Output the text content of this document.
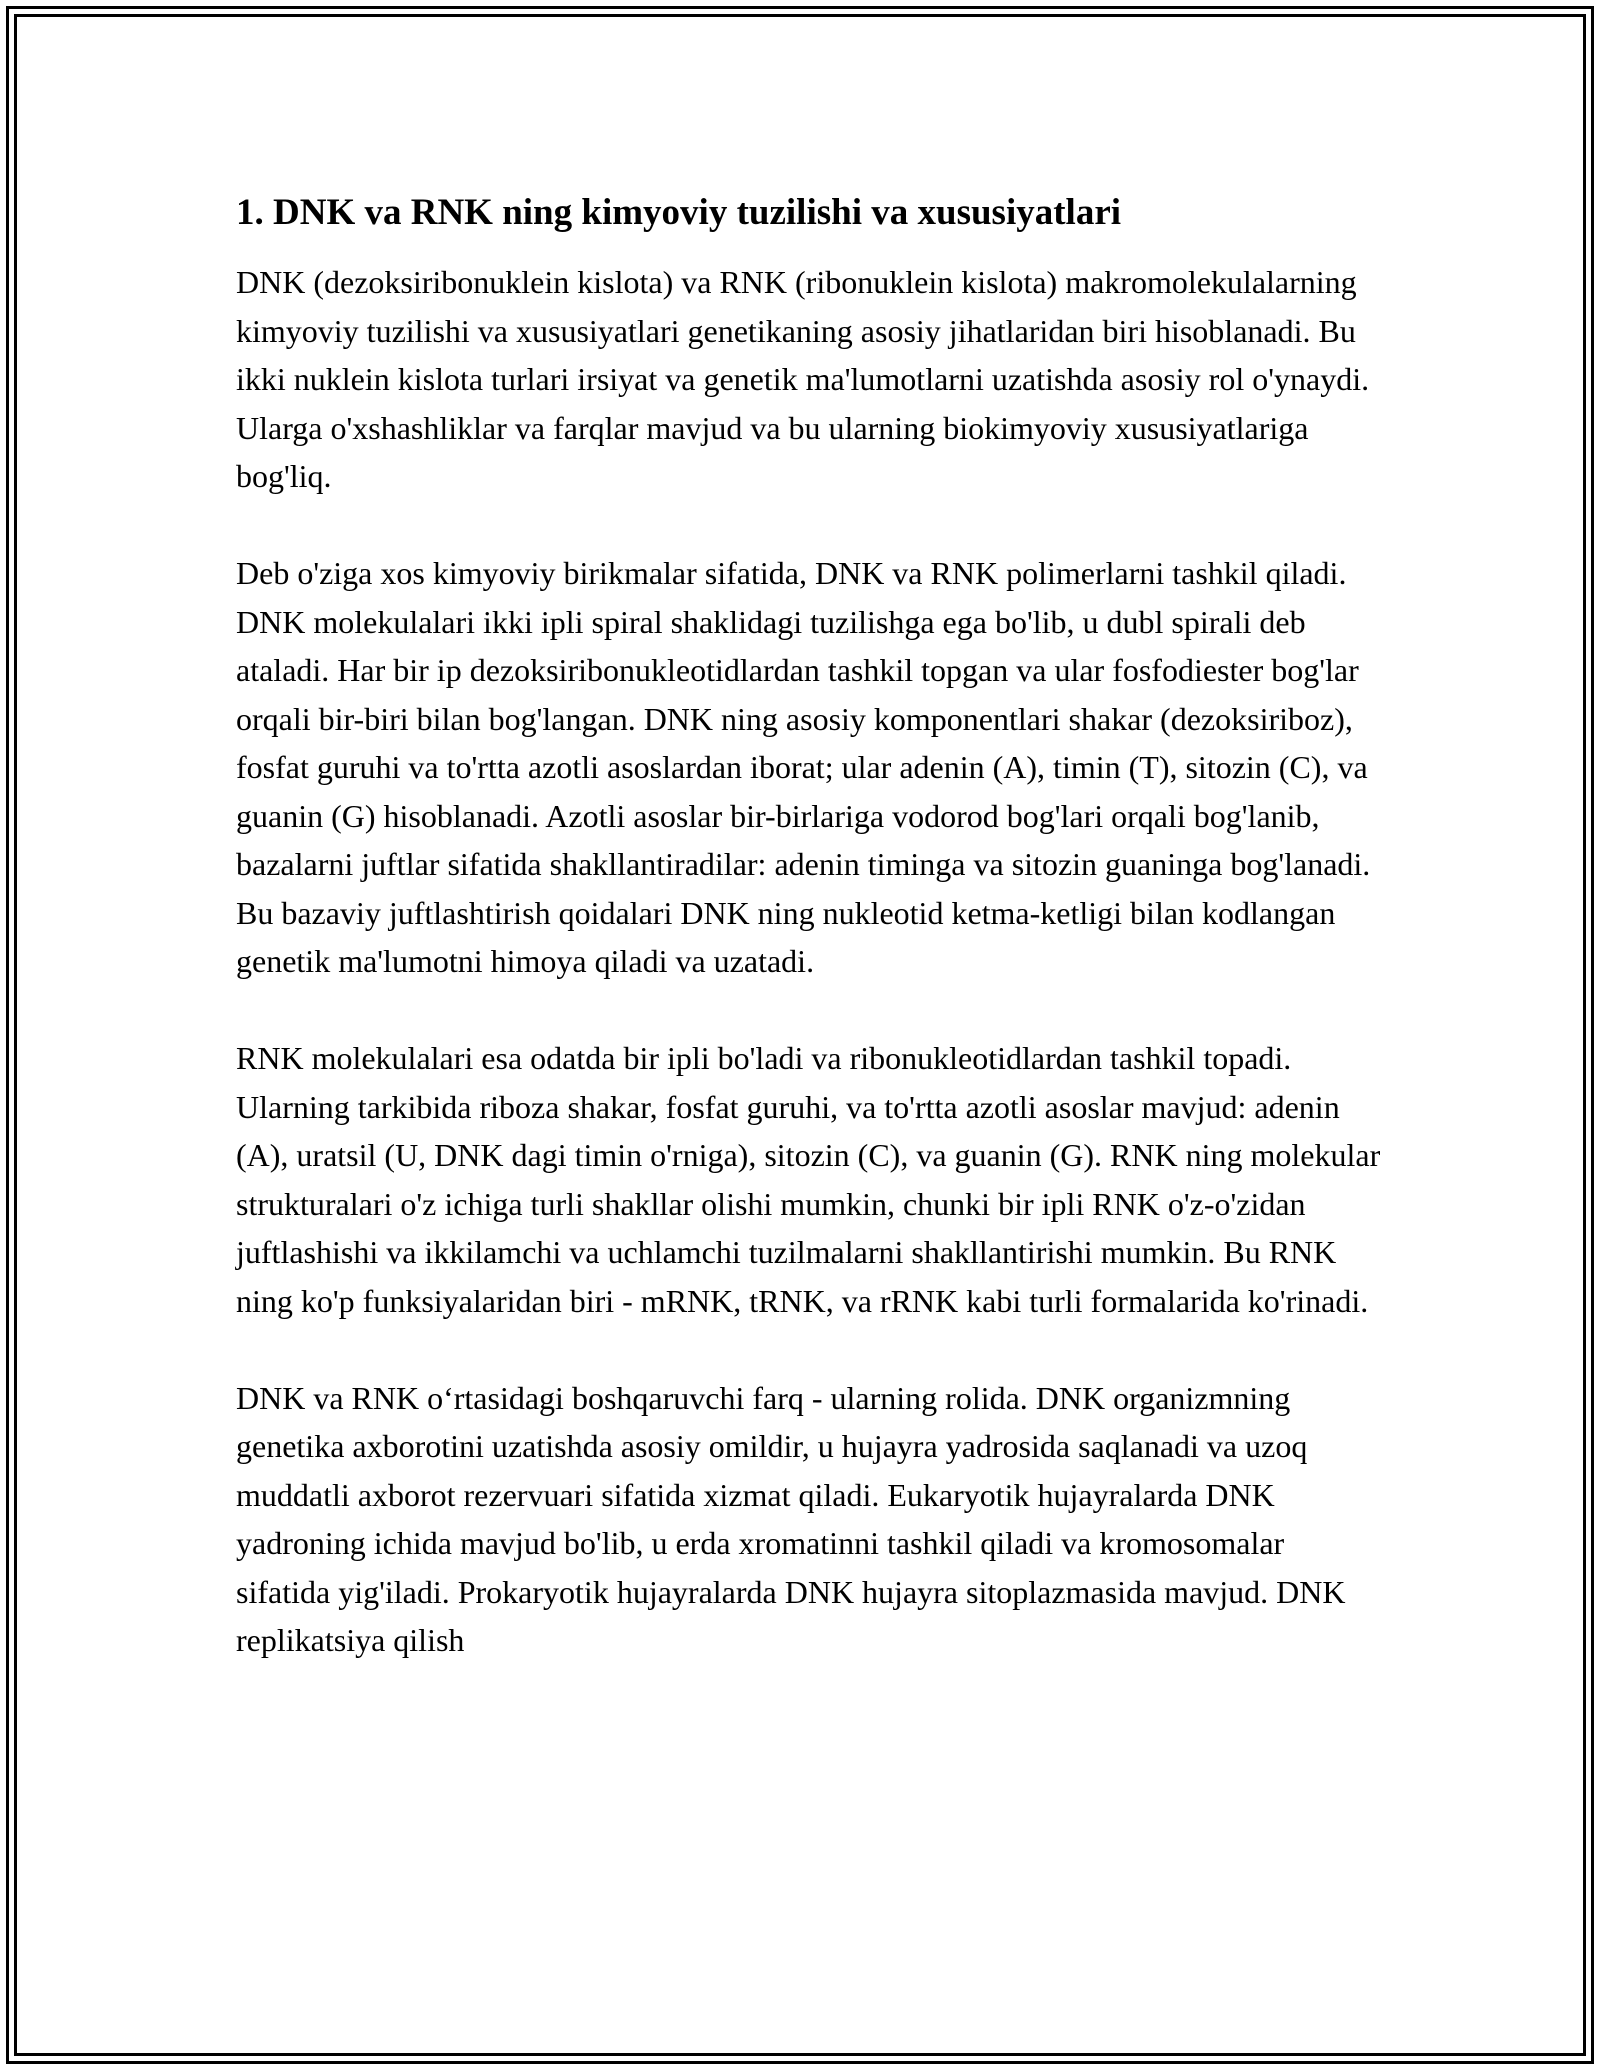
1. DNK va RNK ning kimyoviy tuzilishi va xususiyatlari

DNK (dezoksiribonuklein kislota) va RNK (ribonuklein kislota) makromolekulalarning kimyoviy tuzilishi va xususiyatlari genetikaning asosiy jihatlaridan biri hisoblanadi. Bu ikki nuklein kislota turlari irsiyat va genetik ma'lumotlarni uzatishda asosiy rol o'ynaydi. Ularga o'xshashliklar va farqlar mavjud va bu ularning biokimyoviy xususiyatlariga bog'liq.

Deb o'ziga xos kimyoviy birikmalar sifatida, DNK va RNK polimerlarni tashkil qiladi. DNK molekulalari ikki ipli spiral shaklidagi tuzilishga ega bo'lib, u dubl spirali deb ataladi. Har bir ip dezoksiribonukleotidlardan tashkil topgan va ular fosfodiester bog'lar orqali bir-biri bilan bog'langan. DNK ning asosiy komponentlari shakar (dezoksiriboz), fosfat guruhi va to'rtta azotli asoslardan iborat; ular adenin (A), timin (T), sitozin (C), va guanin (G) hisoblanadi. Azotli asoslar bir-birlariga vodorod bog'lari orqali bog'lanib, bazalarni juftlar sifatida shakllantiradilar: adenin timinga va sitozin guaninga bog'lanadi. Bu bazaviy juftlashtirish qoidalari DNK ning nukleotid ketma-ketligi bilan kodlangan genetik ma'lumotni himoya qiladi va uzatadi.

RNK molekulalari esa odatda bir ipli bo'ladi va ribonukleotidlardan tashkil topadi. Ularning tarkibida riboza shakar, fosfat guruhi, va to'rtta azotli asoslar mavjud: adenin (A), uratsil (U, DNK dagi timin o'rniga), sitozin (C), va guanin (G). RNK ning molekular strukturalari o'z ichiga turli shakllar olishi mumkin, chunki bir ipli RNK o'z-o'zidan juftlashishi va ikkilamchi va uchlamchi tuzilmalarni shakllantirishi mumkin. Bu RNK ning ko'p funksiyalaridan biri - mRNK, tRNK, va rRNK kabi turli formalarida ko'rinadi.

DNK va RNK o‘rtasidagi boshqaruvchi farq - ularning rolida. DNK organizmning genetika axborotini uzatishda asosiy omildir, u hujayra yadrosida saqlanadi va uzoq muddatli axborot rezervuari sifatida xizmat qiladi. Eukaryotik hujayralarda DNK yadroning ichida mavjud bo'lib, u erda xromatinni tashkil qiladi va kromosomalar sifatida yig'iladi. Prokaryotik hujayralarda DNK hujayra sitoplazmasida mavjud. DNK replikatsiya qilish
